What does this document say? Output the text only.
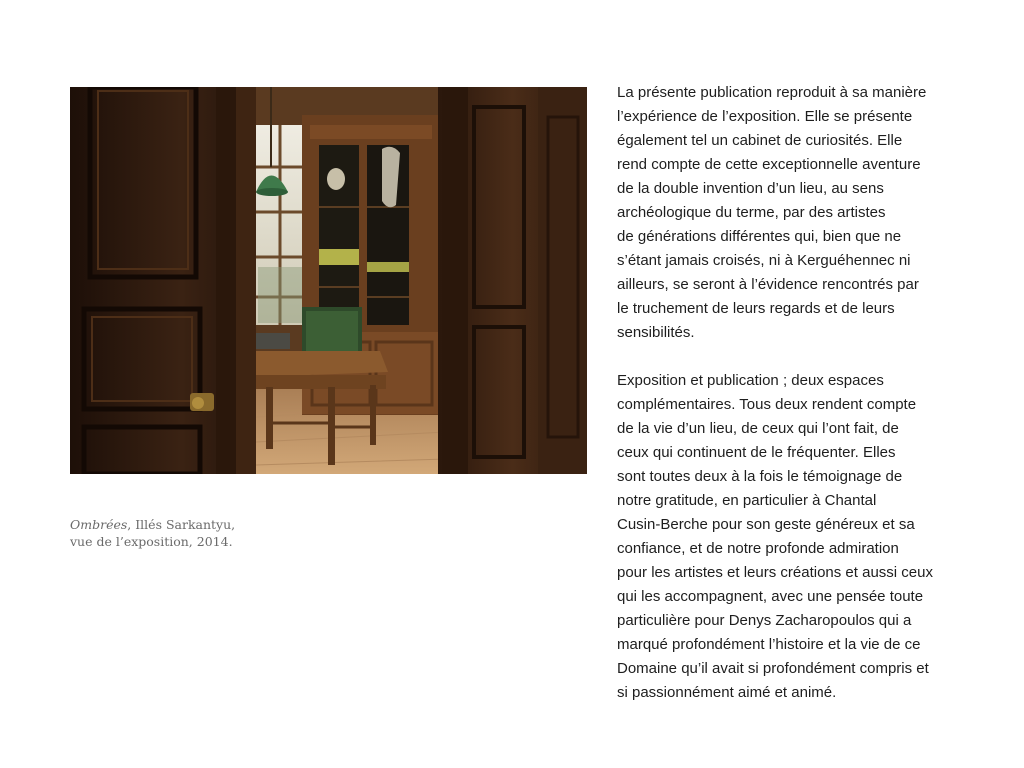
Ombrées, Illés Sarkantyu,
vue de l’exposition, 2014.

La présente publication reproduit à sa manière
l’expérience de l’exposition. Elle se présente
également tel un cabinet de curiosités. Elle
rend compte de cette exceptionnelle aventure
de la double invention d’un lieu, au sens
archéologique du terme, par des artistes
de générations différentes qui, bien que ne
s’étant jamais croisés, ni à Kerguéhennec ni
ailleurs, se seront à l’évidence rencontrés par
le truchement de leurs regards et de leurs
sensibilités.

Exposition et publication ; deux espaces
complémentaires. Tous deux rendent compte
de la vie d’un lieu, de ceux qui l’ont fait, de
ceux qui continuent de le fréquenter. Elles
sont toutes deux à la fois le témoignage de
notre gratitude, en particulier à Chantal
Cusin-Berche pour son geste généreux et sa
confiance, et de notre profonde admiration
pour les artistes et leurs créations et aussi ceux
qui les accompagnent, avec une pensée toute
particulière pour Denys Zacharopoulos qui a
marqué profondément l’histoire et la vie de ce
Domaine qu’il avait si profondément compris et
si passionnément aimé et animé.
